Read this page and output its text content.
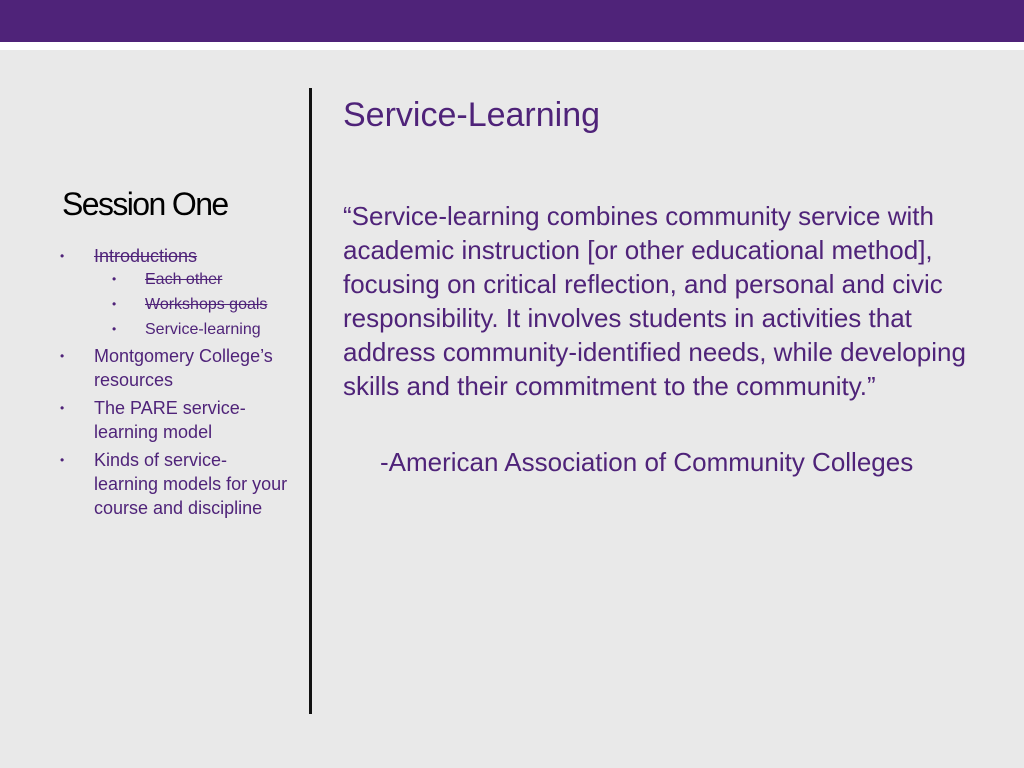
Session One
• Introductions
• Each other
• Workshops goals
• Service-learning
• Montgomery College’s resources
• The PARE service-learning model
• Kinds of service-learning models for your course and discipline
Service-Learning

“Service-learning combines community service with academic instruction [or other educational method], focusing on critical reflection, and personal and civic responsibility. It involves students in activities that address community-identified needs, while developing skills and their commitment to the community.”

-American Association of Community Colleges
